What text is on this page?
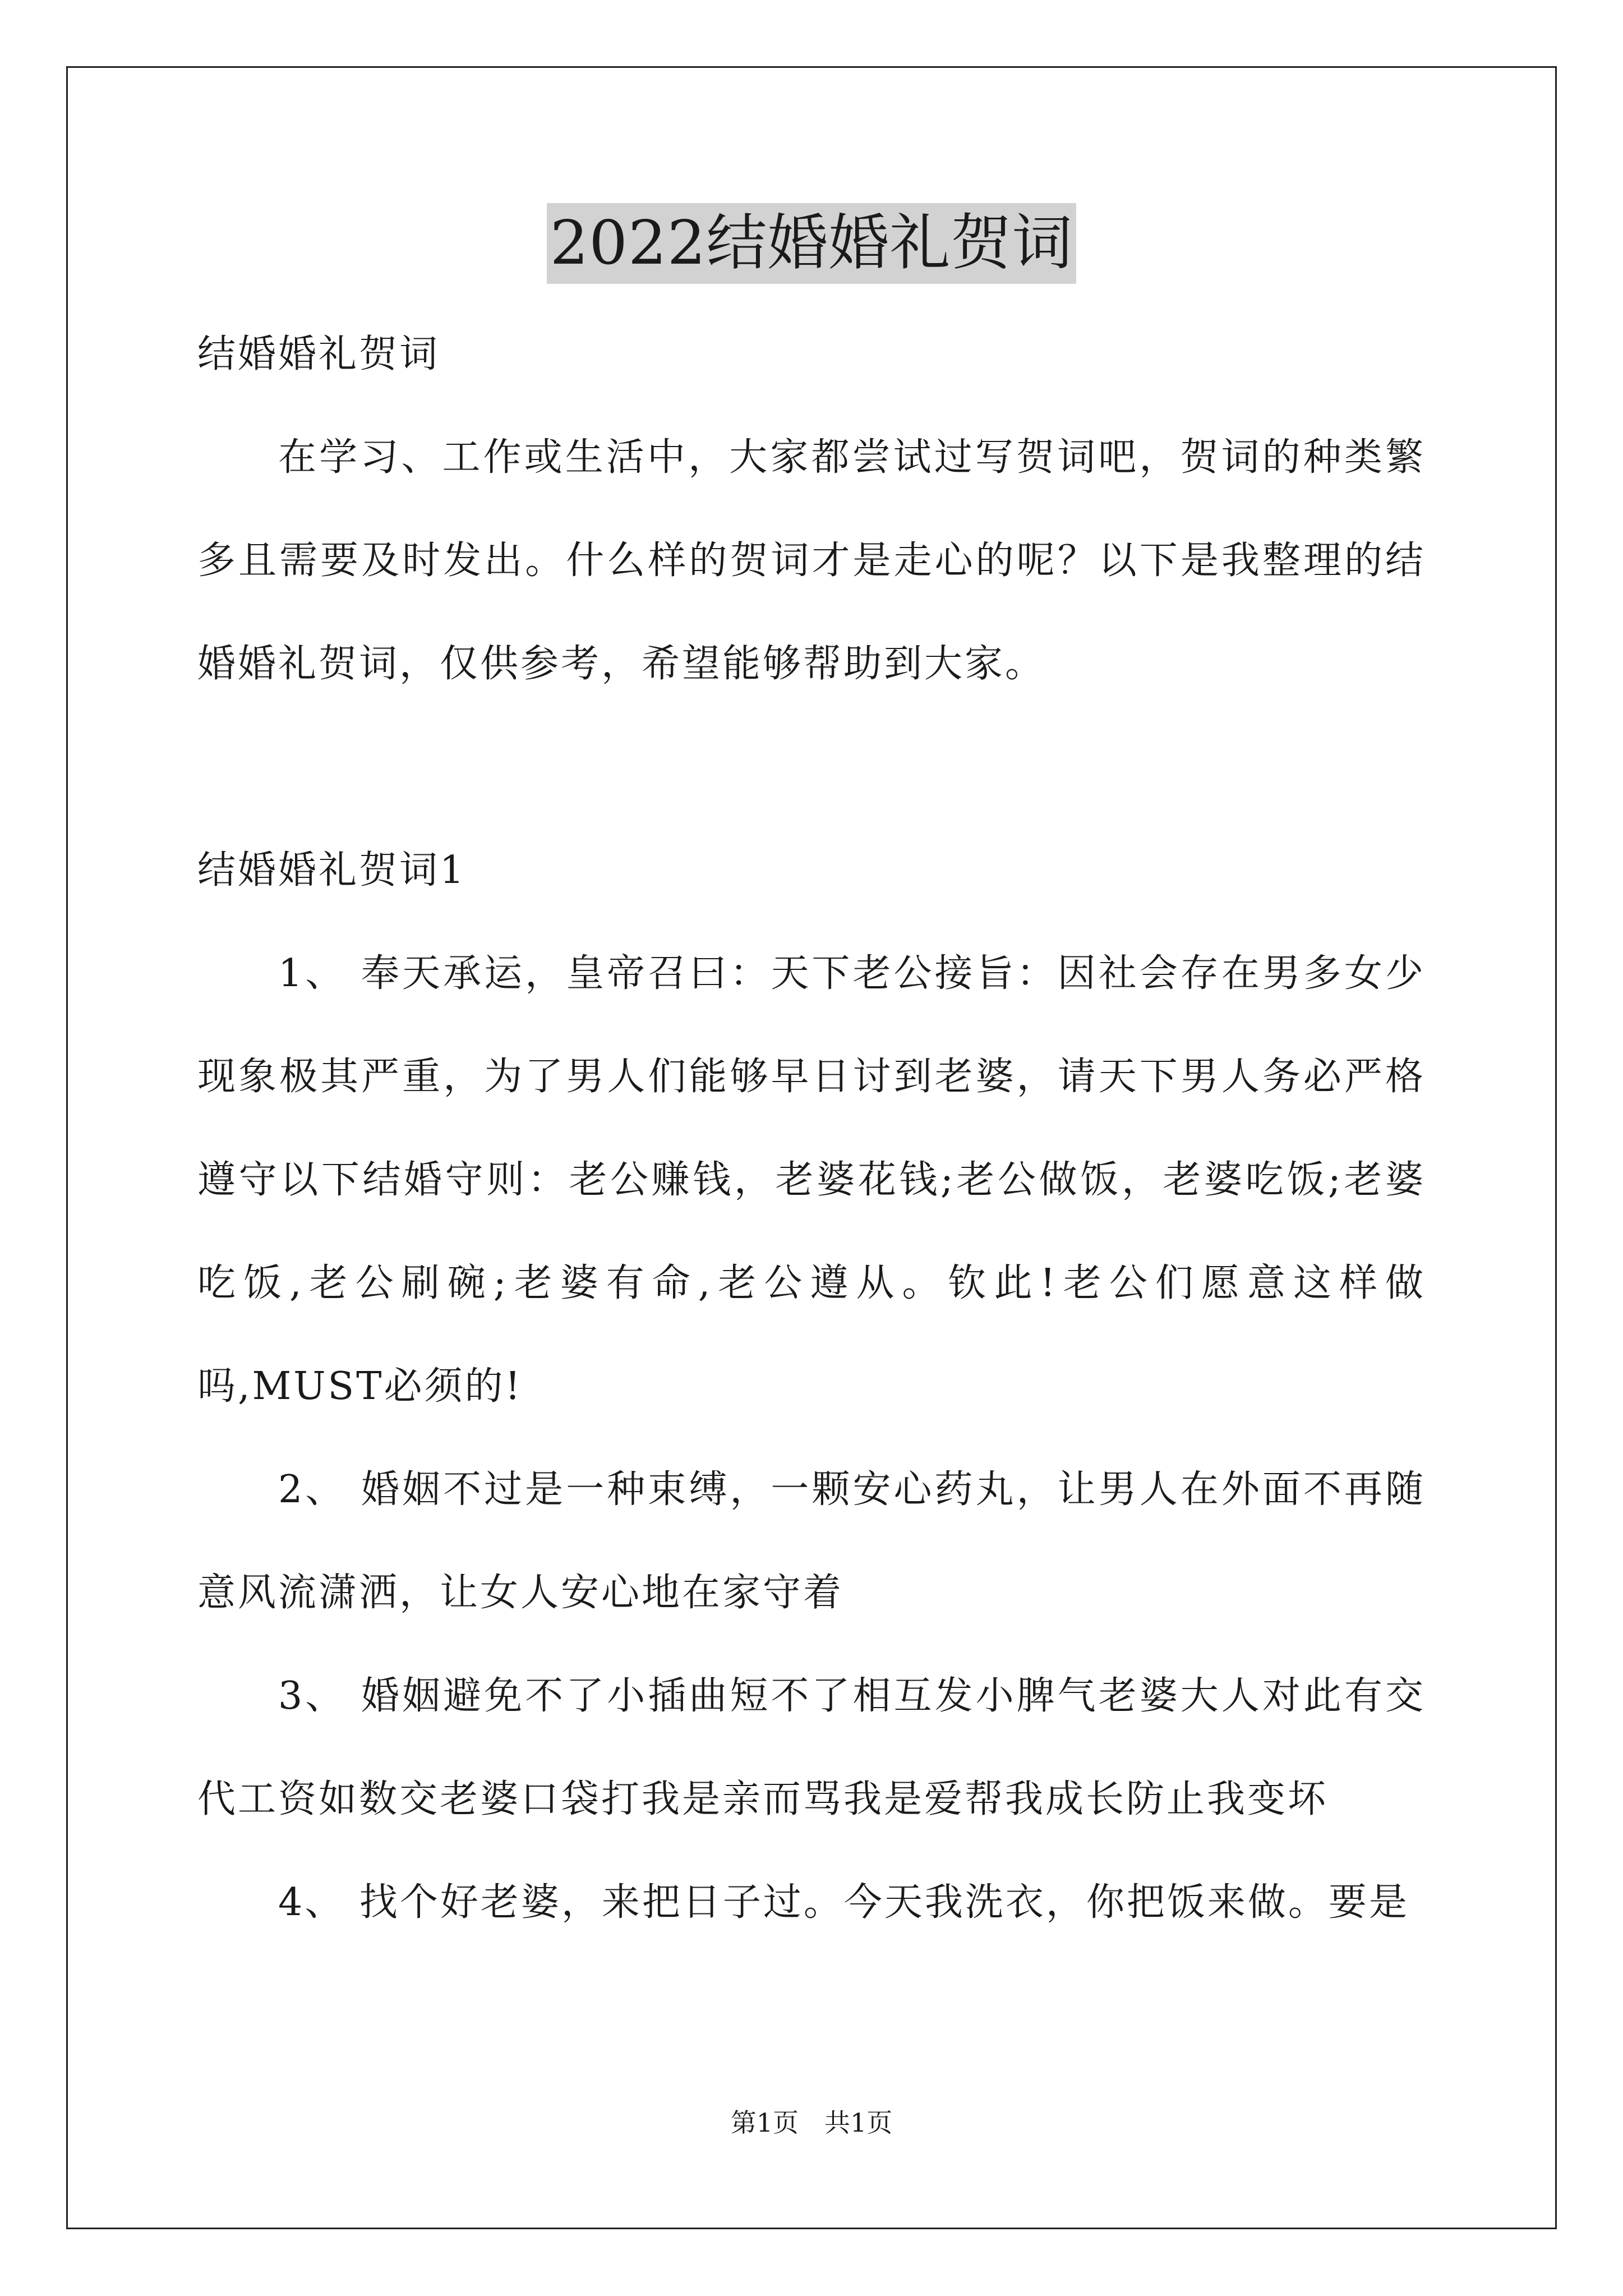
2022结婚婚礼贺词

结婚婚礼贺词

在学习、工作或生活中，大家都尝试过写贺词吧，贺词的种类繁多且需要及时发出。什么样的贺词才是走心的呢？以下是我整理的结婚婚礼贺词，仅供参考，希望能够帮助到大家。

结婚婚礼贺词1

1、 奉天承运，皇帝召曰：天下老公接旨：因社会存在男多女少现象极其严重，为了男人们能够早日讨到老婆，请天下男人务必严格遵守以下结婚守则：老公赚钱，老婆花钱;老公做饭，老婆吃饭;老婆吃饭,老公刷碗;老婆有命,老公遵从。钦此!老公们愿意这样做吗,MUST必须的!

2、 婚姻不过是一种束缚，一颗安心药丸，让男人在外面不再随意风流潇洒，让女人安心地在家守着

3、 婚姻避免不了小插曲短不了相互发小脾气老婆大人对此有交代工资如数交老婆口袋打我是亲而骂我是爱帮我成长防止我变坏

4、 找个好老婆，来把日子过。今天我洗衣，你把饭来做。要是

第1页　共1页
